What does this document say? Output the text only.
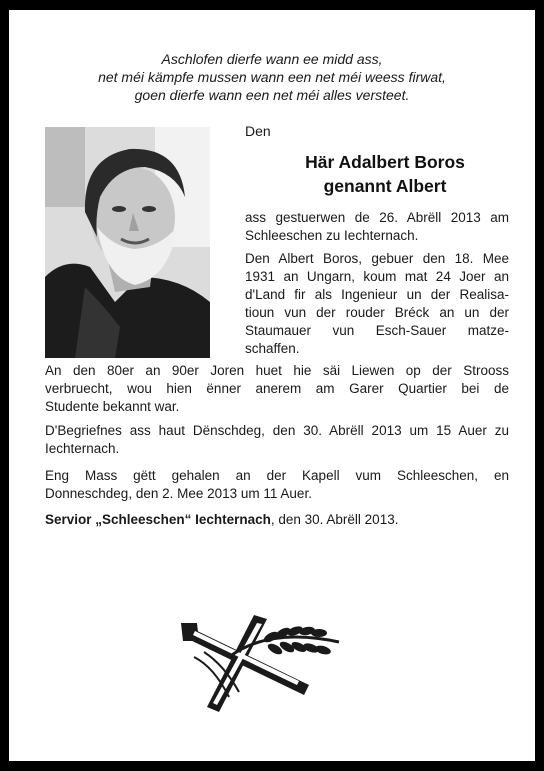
Aschlofen dierfe wann ee midd ass,
net méi kämpfe mussen wann een net méi weess firwat,
goen dierfe wann een net méi alles versteet.
Den
Här Adalbert Boros
genannt Albert
ass gestuerwen de 26. Abrëll 2013 am
Schleeschen zu Iechternach.
Den Albert Boros, gebuer den 18. Mee
1931 an Ungarn, koum mat 24 Joer an
d'Land fir als Ingenieur un der Realisa-
tioun vun der rouder Bréck an un der
Staumauer vun Esch-Sauer matze-
schaffen.
An den 80er an 90er Joren huet hie säi Liewen op der Strooss
verbruecht, wou hien ënner anerem am Garer Quartier bei de
Studente bekannt war.
D'Begriefnes ass haut Dënschdeg, den 30. Abrëll 2013 um 15 Auer zu
Iechternach.
Eng Mass gëtt gehalen an der Kapell vum Schleeschen, en
Donneschdeg, den 2. Mee 2013 um 11 Auer.
Servior „Schleeschen“ Iechternach, den 30. Abrëll 2013.
